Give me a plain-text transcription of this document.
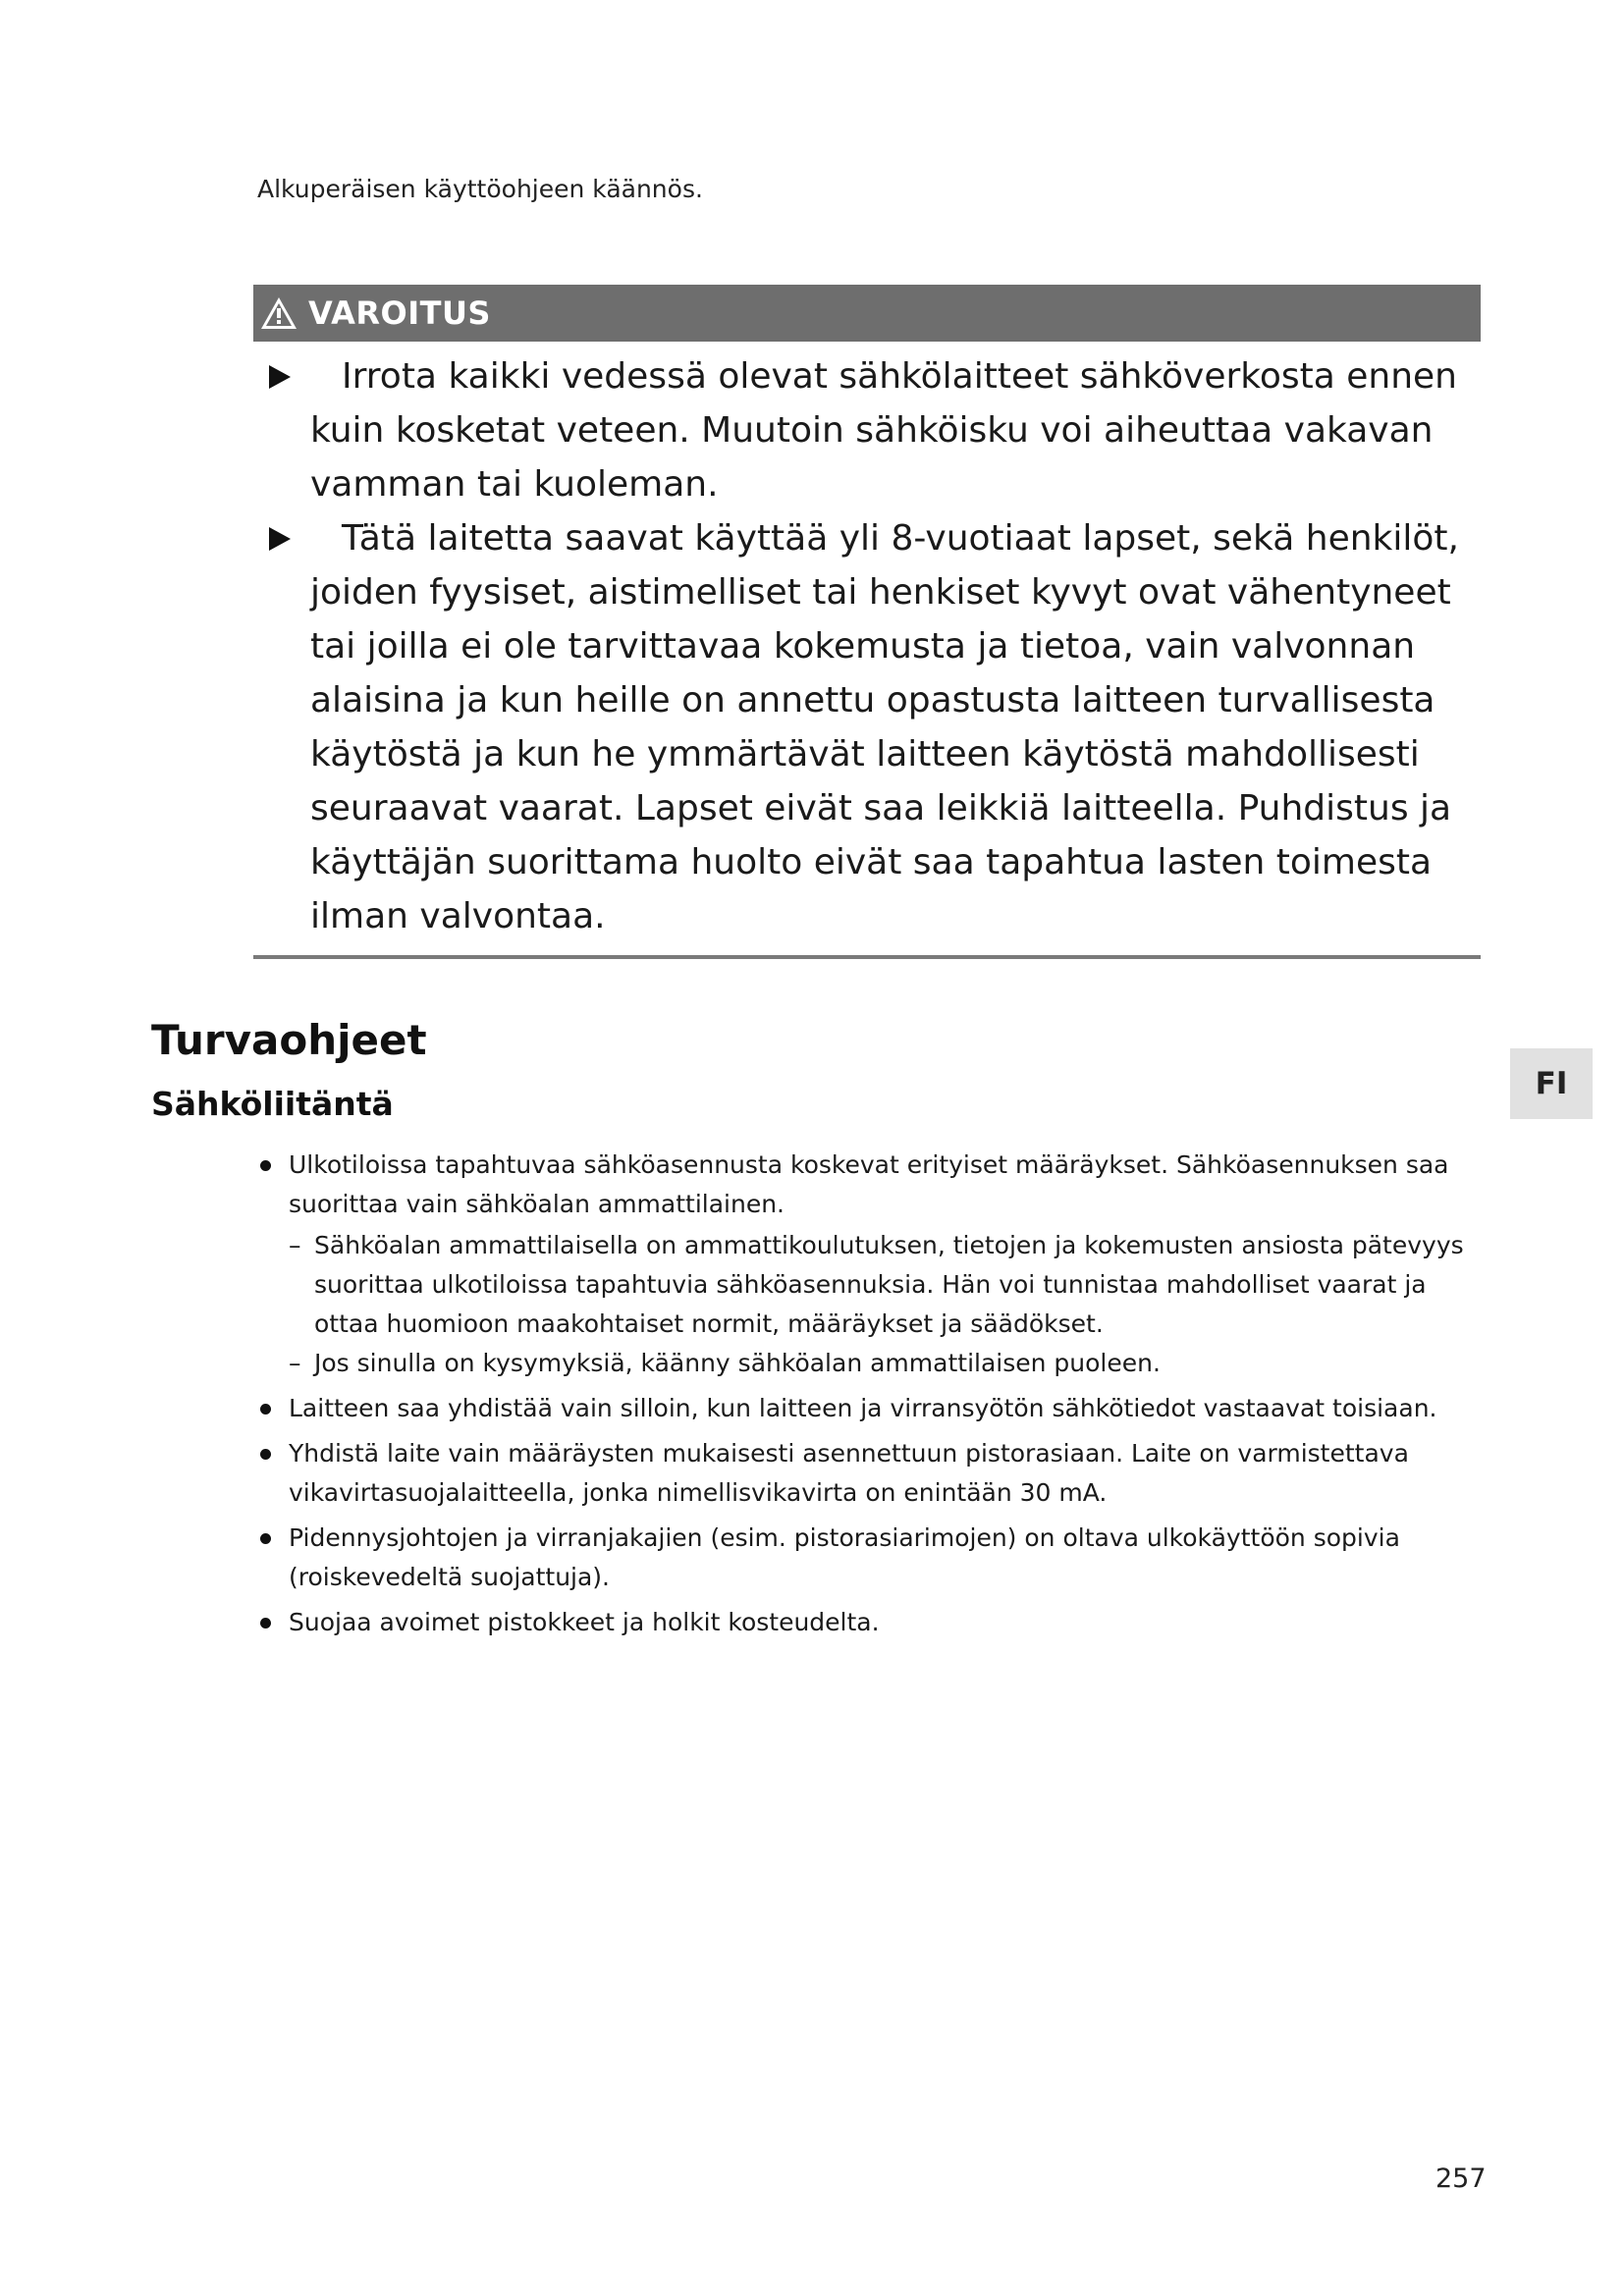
Alkuperäisen käyttöohjeen käännös.
VAROITUS
Irrota kaikki vedessä olevat sähkölaitteet sähköverkosta ennen kuin kosketat veteen. Muutoin sähköisku voi aiheuttaa vakavan vamman tai kuoleman.
Tätä laitetta saavat käyttää yli 8-vuotiaat lapset, sekä henkilöt, joiden fyysiset, aistimelliset tai henkiset kyvyt ovat vähentyneet tai joilla ei ole tarvittavaa kokemusta ja tietoa, vain valvonnan alaisina ja kun heille on annettu opastusta laitteen turvallisesta käytöstä ja kun he ymmärtävät laitteen käytöstä mahdollisesti seuraavat vaarat. Lapset eivät saa leikkiä laitteella. Puhdistus ja käyttäjän suorittama huolto eivät saa tapahtua lasten toimesta ilman valvontaa.
Turvaohjeet
Sähköliitäntä
FI
Ulkotiloissa tapahtuvaa sähköasennusta koskevat erityiset määräykset. Sähköasennuksen saa suorittaa vain sähköalan ammattilainen.
– Sähköalan ammattilaisella on ammattikoulutuksen, tietojen ja kokemusten ansiosta pätevyys suorittaa ulkotiloissa tapahtuvia sähköasennuksia. Hän voi tunnistaa mahdolliset vaarat ja ottaa huomioon maakohtaiset normit, määräykset ja säädökset.
– Jos sinulla on kysymyksiä, käänny sähköalan ammattilaisen puoleen.
Laitteen saa yhdistää vain silloin, kun laitteen ja virransyötön sähkötiedot vastaavat toisiaan.
Yhdistä laite vain määräysten mukaisesti asennettuun pistorasiaan. Laite on varmistettava vikavirtasuojalaitteella, jonka nimellisvikavirta on enintään 30 mA.
Pidennysjohtojen ja virranjakajien (esim. pistorasiarimojen) on oltava ulkokäyttöön sopivia (roiskevedeltä suojattuja).
Suojaa avoimet pistokkeet ja holkit kosteudelta.
257
